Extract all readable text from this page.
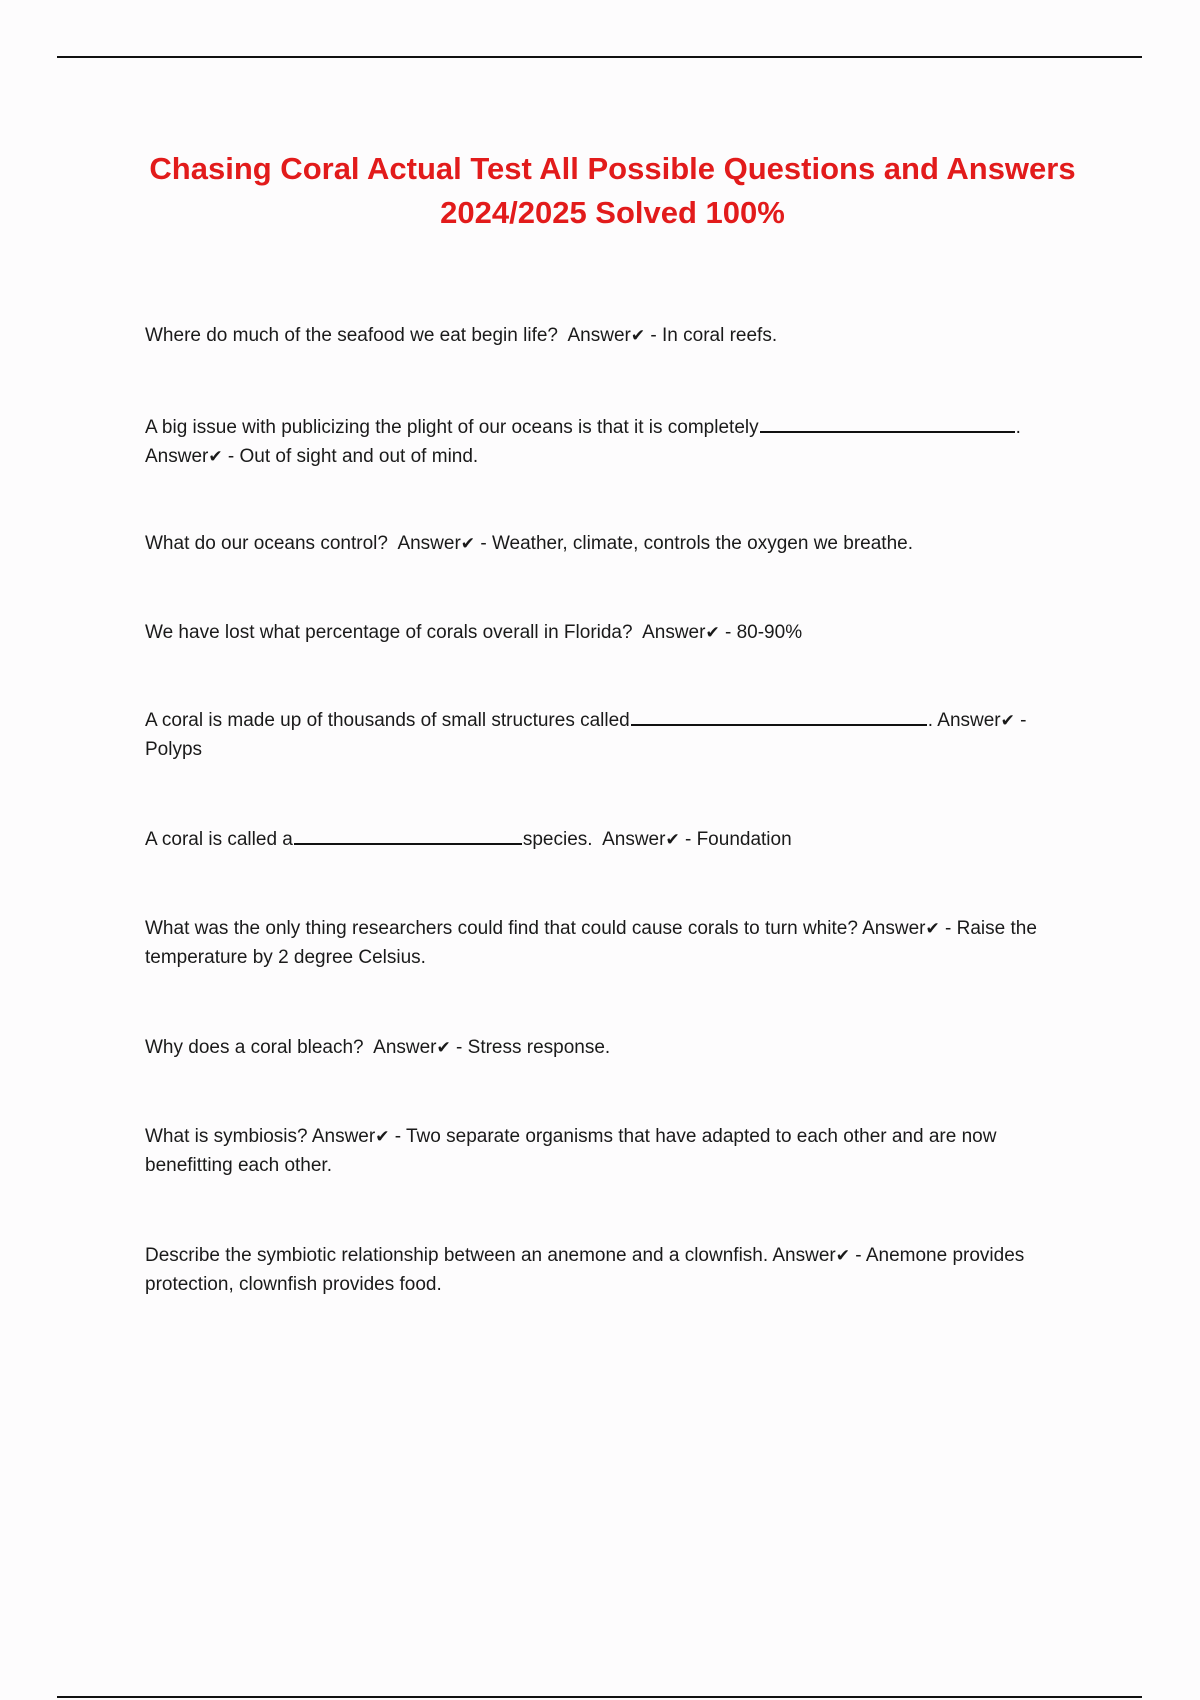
Chasing Coral Actual Test All Possible Questions and Answers 2024/2025 Solved 100%

Where do much of the seafood we eat begin life? Answer✔ - In coral reefs.

A big issue with publicizing the plight of our oceans is that it is completely	. Answer✔ - Out of sight and out of mind.

What do our oceans control? Answer✔ - Weather, climate, controls the oxygen we breathe.

We have lost what percentage of corals overall in Florida? Answer✔ - 80-90%

A coral is made up of thousands of small structures called	. Answer✔ - Polyps

A coral is called a	species. Answer✔ - Foundation

What was the only thing researchers could find that could cause corals to turn white? Answer✔ - Raise the temperature by 2 degree Celsius.

Why does a coral bleach? Answer✔ - Stress response.

What is symbiosis? Answer✔ - Two separate organisms that have adapted to each other and are now benefitting each other.

Describe the symbiotic relationship between an anemone and a clownfish. Answer✔ - Anemone provides protection, clownfish provides food.
